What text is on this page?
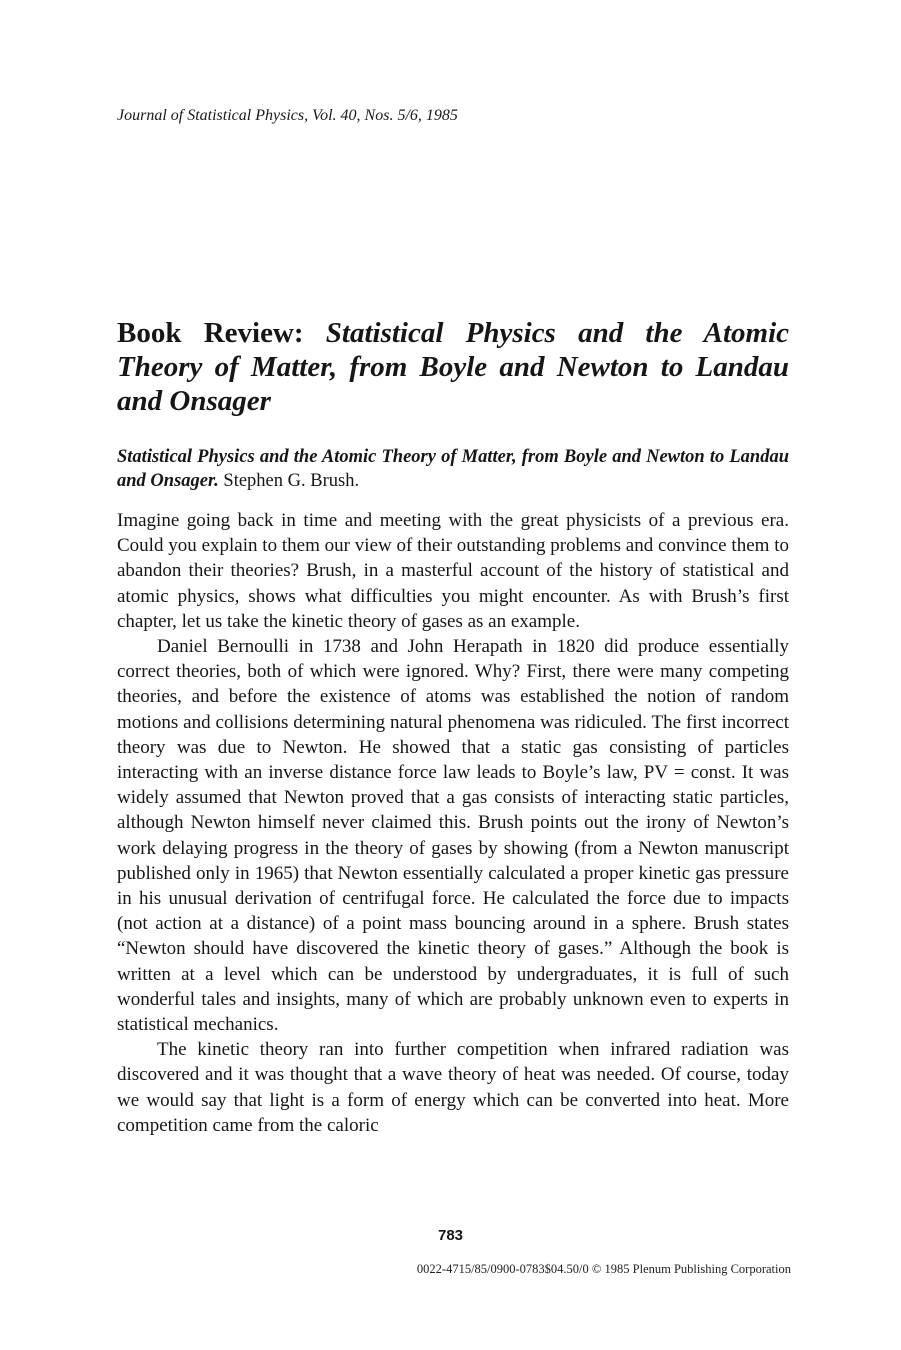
Journal of Statistical Physics, Vol. 40, Nos. 5/6, 1985
Book Review: Statistical Physics and the Atomic Theory of Matter, from Boyle and Newton to Landau and Onsager

Statistical Physics and the Atomic Theory of Matter, from Boyle and Newton to Landau and Onsager. Stephen G. Brush.

Imagine going back in time and meeting with the great physicists of a previous era. Could you explain to them our view of their outstanding problems and convince them to abandon their theories? Brush, in a masterful account of the history of statistical and atomic physics, shows what difficulties you might encounter. As with Brush’s first chapter, let us take the kinetic theory of gases as an example.

Daniel Bernoulli in 1738 and John Herapath in 1820 did produce essentially correct theories, both of which were ignored. Why? First, there were many competing theories, and before the existence of atoms was established the notion of random motions and collisions determining natural phenomena was ridiculed. The first incorrect theory was due to Newton. He showed that a static gas consisting of particles interacting with an inverse distance force law leads to Boyle’s law, PV = const. It was widely assumed that Newton proved that a gas consists of interacting static particles, although Newton himself never claimed this. Brush points out the irony of Newton’s work delaying progress in the theory of gases by showing (from a Newton manuscript published only in 1965) that Newton essentially calculated a proper kinetic gas pressure in his unusual derivation of centrifugal force. He calculated the force due to impacts (not action at a distance) of a point mass bouncing around in a sphere. Brush states “Newton should have discovered the kinetic theory of gases.” Although the book is written at a level which can be understood by undergraduates, it is full of such wonderful tales and insights, many of which are probably unknown even to experts in statistical mechanics.

The kinetic theory ran into further competition when infrared radiation was discovered and it was thought that a wave theory of heat was needed. Of course, today we would say that light is a form of energy which can be converted into heat. More competition came from the caloric

783
0022-4715/85/0900-0783$04.50/0 © 1985 Plenum Publishing Corporation
